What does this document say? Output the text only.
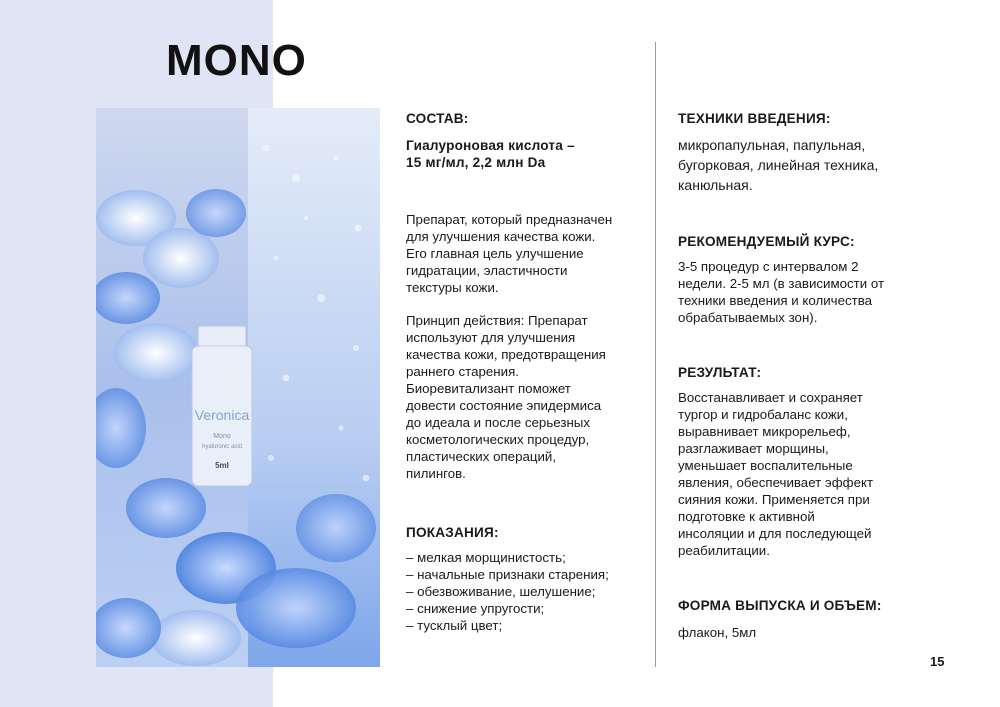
MONO
Veronica
Mono
hyaluronic acid
5ml

СОСТАВ:

Гиалуроновая кислота –

15 мг/мл, 2,2 млн Da

Препарат, который предназначен

для улучшения качества кожи.

Его главная цель улучшение

гидратации, эластичности

текстуры кожи.

Принцип действия: Препарат

используют для улучшения

качества кожи, предотвращения

раннего старения.

Биоревитализант поможет

довести состояние эпидермиса

до идеала и после серьезных

косметологических процедур,

пластических операций,

пилингов.

ПОКАЗАНИЯ:

– мелкая морщинистость;
– начальные признаки старения;
– обезвоживание, шелушение;
– снижение упругости;
– тусклый цвет;

ТЕХНИКИ ВВЕДЕНИЯ:

микропапульная, папульная,

бугорковая, линейная техника,

канюльная.

РЕКОМЕНДУЕМЫЙ КУРС:

3-5 процедур с интервалом 2

недели. 2-5 мл (в зависимости от

техники введения и количества

обрабатываемых зон).

РЕЗУЛЬТАТ:

Восстанавливает и сохраняет

тургор и гидробаланс кожи,

выравнивает микрорельеф,

разглаживает морщины,

уменьшает воспалительные

явления, обеспечивает эффект

сияния кожи. Применяется при

подготовке к активной

инсоляции и для последующей

реабилитации.

ФОРМА ВЫПУСКА И ОБЪЕМ:

флакон, 5мл

15
